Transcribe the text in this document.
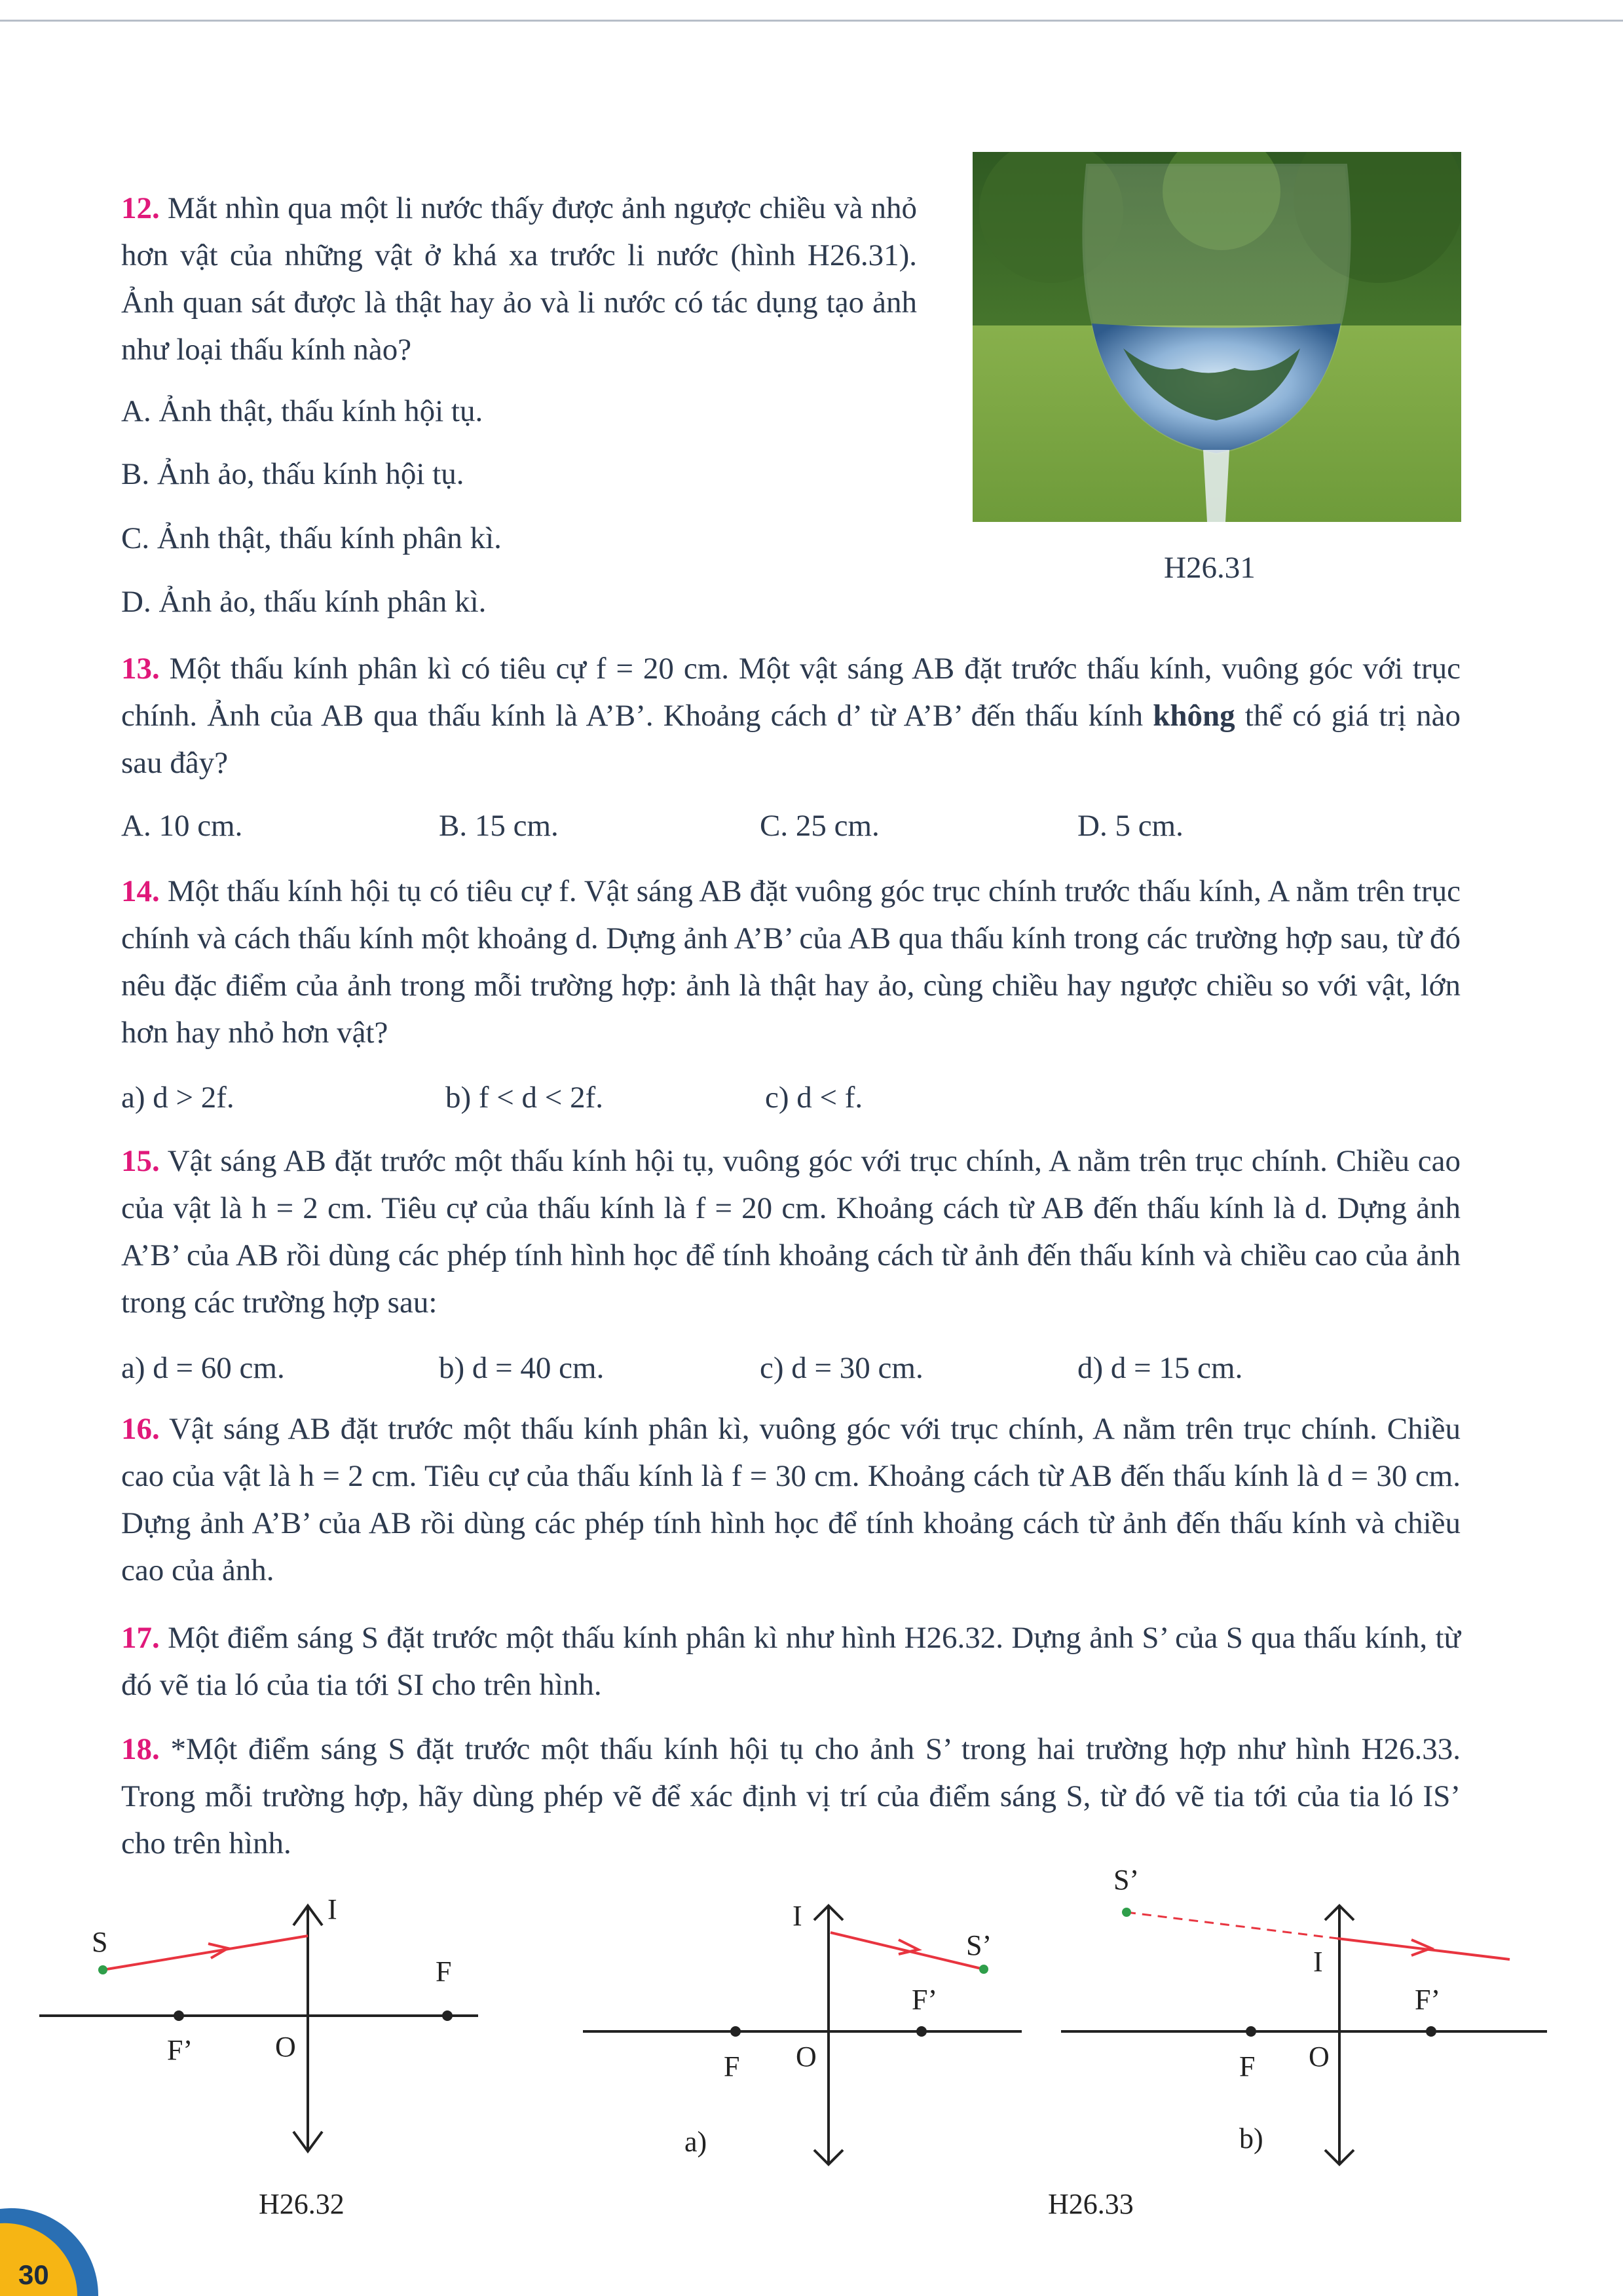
12. Mắt nhìn qua một li nước thấy được ảnh ngược chiều và nhỏ hơn vật của những vật ở khá xa trước li nước (hình H26.31). Ảnh quan sát được là thật hay ảo và li nước có tác dụng tạo ảnh như loại thấu kính nào?
A. Ảnh thật, thấu kính hội tụ.
B. Ảnh ảo, thấu kính hội tụ.
C. Ảnh thật, thấu kính phân kì.
D. Ảnh ảo, thấu kính phân kì.
H26.31
13. Một thấu kính phân kì có tiêu cự f = 20 cm. Một vật sáng AB đặt trước thấu kính, vuông góc với trục chính. Ảnh của AB qua thấu kính là A’B’. Khoảng cách d’ từ A’B’ đến thấu kính không thể có giá trị nào sau đây?
A. 10 cm.	B. 15 cm.	C. 25 cm.	D. 5 cm.
14. Một thấu kính hội tụ có tiêu cự f. Vật sáng AB đặt vuông góc trục chính trước thấu kính, A nằm trên trục chính và cách thấu kính một khoảng d. Dựng ảnh A’B’ của AB qua thấu kính trong các trường hợp sau, từ đó nêu đặc điểm của ảnh trong mỗi trường hợp: ảnh là thật hay ảo, cùng chiều hay ngược chiều so với vật, lớn hơn hay nhỏ hơn vật?
a) d > 2f.	b) f < d < 2f.	c) d < f.
15. Vật sáng AB đặt trước một thấu kính hội tụ, vuông góc với trục chính, A nằm trên trục chính. Chiều cao của vật là h = 2 cm. Tiêu cự của thấu kính là f = 20 cm. Khoảng cách từ AB đến thấu kính là d. Dựng ảnh A’B’ của AB rồi dùng các phép tính hình học để tính khoảng cách từ ảnh đến thấu kính và chiều cao của ảnh trong các trường hợp sau:
a) d = 60 cm.	b) d = 40 cm.	c) d = 30 cm.	d) d = 15 cm.
16. Vật sáng AB đặt trước một thấu kính phân kì, vuông góc với trục chính, A nằm trên trục chính. Chiều cao của vật là h = 2 cm. Tiêu cự của thấu kính là f = 30 cm. Khoảng cách từ AB đến thấu kính là d = 30 cm. Dựng ảnh A’B’ của AB rồi dùng các phép tính hình học để tính khoảng cách từ ảnh đến thấu kính và chiều cao của ảnh.
17. Một điểm sáng S đặt trước một thấu kính phân kì như hình H26.32. Dựng ảnh S’ của S qua thấu kính, từ đó vẽ tia ló của tia tới SI cho trên hình.
18. *Một điểm sáng S đặt trước một thấu kính hội tụ cho ảnh S’ trong hai trường hợp như hình H26.33. Trong mỗi trường hợp, hãy dùng phép vẽ để xác định vị trí của điểm sáng S, từ đó vẽ tia tới của tia ló IS’ cho trên hình.
S
I
F
F’	O
H26.32
I
S’
F’
F O
a)
S’
I
F’
F O
b)
H26.33
30
